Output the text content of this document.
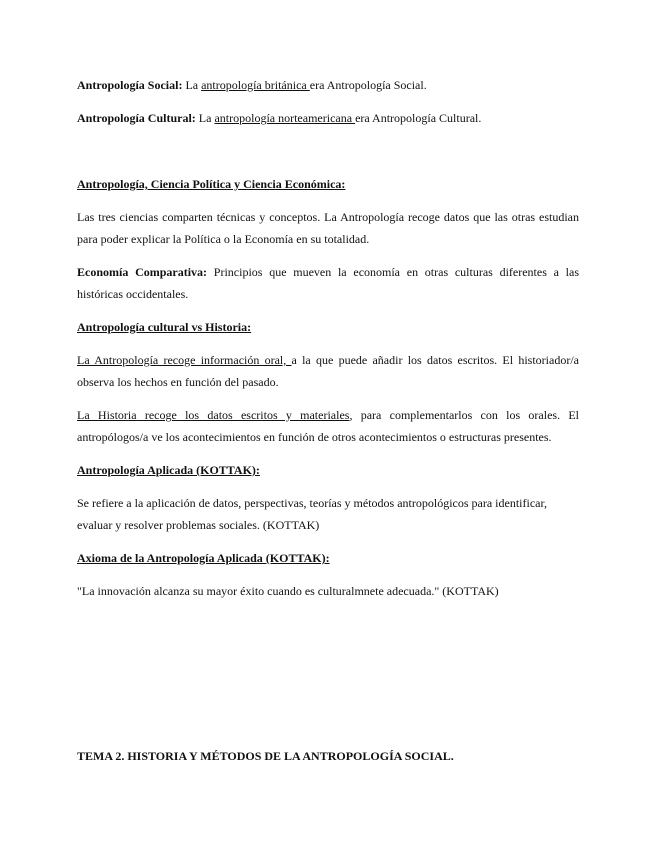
Antropología Social: La antropología británica era Antropología Social.

Antropología Cultural: La antropología norteamericana era Antropología Cultural.

Antropología, Ciencia Política y Ciencia Económica:

Las tres ciencias comparten técnicas y conceptos. La Antropología recoge datos que las otras estudian para poder explicar la Política o la Economía en su totalidad.

Economía Comparativa: Principios que mueven la economía en otras culturas diferentes a las históricas occidentales.

Antropología cultural vs Historia:

La Antropología recoge información oral, a la que puede añadir los datos escritos. El historiador/a observa los hechos en función del pasado.

La Historia recoge los datos escritos y materiales, para complementarlos con los orales. El antropólogos/a ve los acontecimientos en función de otros acontecimientos o estructuras presentes.

Antropología Aplicada (KOTTAK):

Se refiere a la aplicación de datos, perspectivas, teorías y métodos antropológicos para identificar, evaluar y resolver problemas sociales. (KOTTAK)

Axioma de la Antropología Aplicada (KOTTAK):

"La innovación alcanza su mayor éxito cuando es culturalmnete adecuada." (KOTTAK)

TEMA 2. HISTORIA Y MÉTODOS DE LA ANTROPOLOGÍA SOCIAL.
